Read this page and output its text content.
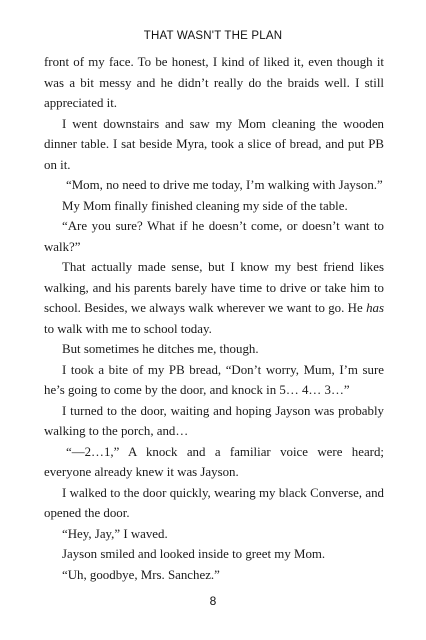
THAT WASN'T THE PLAN

front of my face. To be honest, I kind of liked it, even though it was a bit messy and he didn’t really do the braids well. I still appreciated it.

I went downstairs and saw my Mom cleaning the wooden dinner table. I sat beside Myra, took a slice of bread, and put PB on it.

“Mom, no need to drive me today, I’m walking with Jayson.”

My Mom finally finished cleaning my side of the table.

“Are you sure? What if he doesn’t come, or doesn’t want to walk?”

That actually made sense, but I know my best friend likes walking, and his parents barely have time to drive or take him to school. Besides, we always walk wherever we want to go. He has to walk with me to school today.

But sometimes he ditches me, though.

I took a bite of my PB bread, “Don’t worry, Mum, I’m sure he’s going to come by the door, and knock in 5… 4… 3…”

I turned to the door, waiting and hoping Jayson was probably walking to the porch, and…

“—2…1,” A knock and a familiar voice were heard; everyone already knew it was Jayson.

I walked to the door quickly, wearing my black Converse, and opened the door.

“Hey, Jay,” I waved.

Jayson smiled and looked inside to greet my Mom.

“Uh, goodbye, Mrs. Sanchez.”

8
